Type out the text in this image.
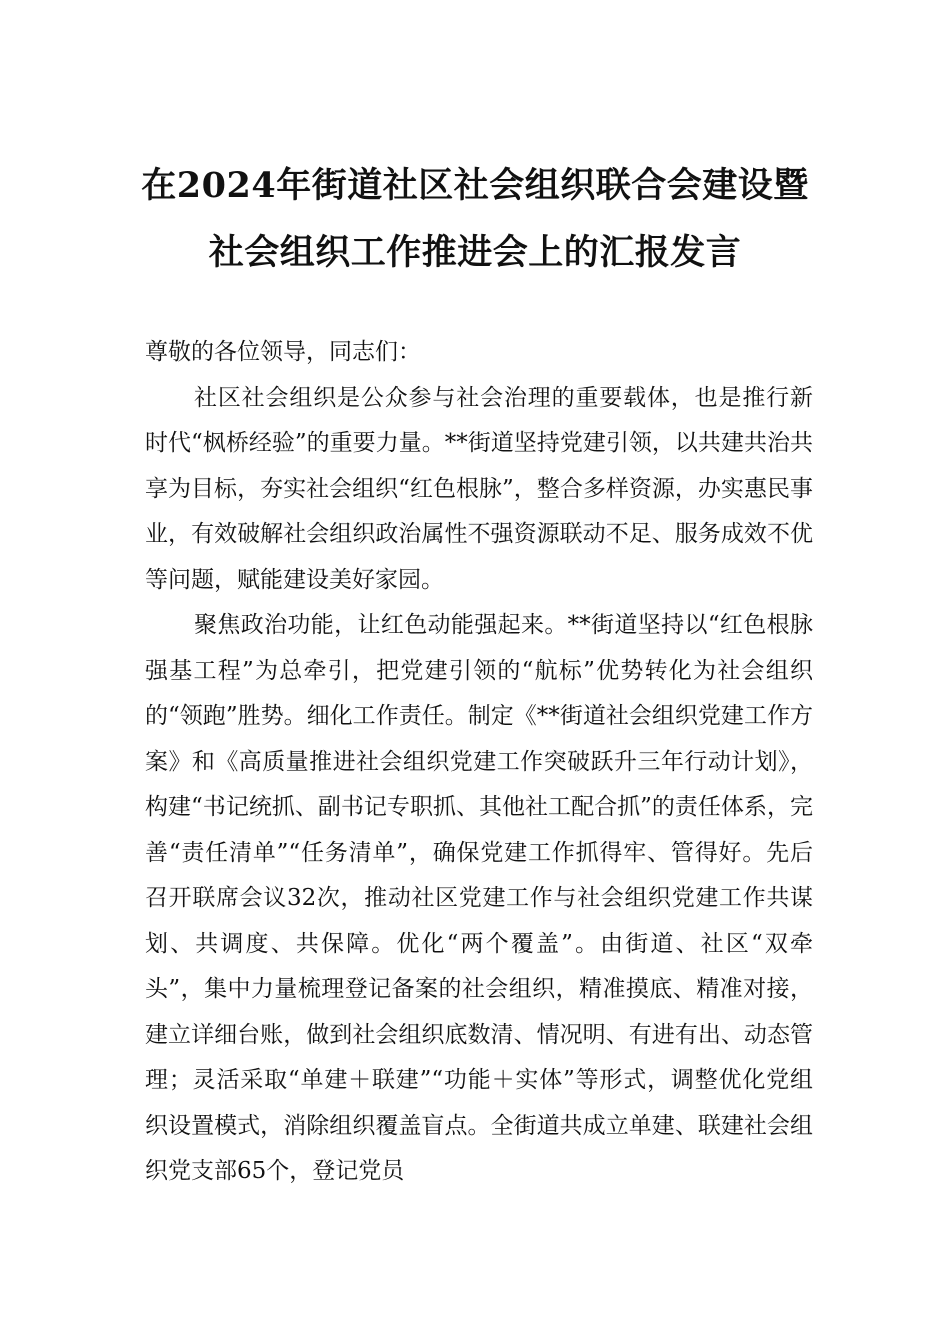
在2024年街道社区社会组织联合会建设暨
社会组织工作推进会上的汇报发言

尊敬的各位领导，同志们：

社区社会组织是公众参与社会治理的重要载体，也是推行新时代“枫桥经验”的重要力量。**街道坚持党建引领，以共建共治共享为目标，夯实社会组织“红色根脉”，整合多样资源，办实惠民事业，有效破解社会组织政治属性不强资源联动不足、服务成效不优等问题，赋能建设美好家园。

聚焦政治功能，让红色动能强起来。**街道坚持以“红色根脉强基工程”为总牵引，把党建引领的“航标”优势转化为社会组织的“领跑”胜势。细化工作责任。制定《**街道社会组织党建工作方案》和《高质量推进社会组织党建工作突破跃升三年行动计划》，构建“书记统抓、副书记专职抓、其他社工配合抓”的责任体系，完善“责任清单”“任务清单”，确保党建工作抓得牢、管得好。先后召开联席会议32次，推动社区党建工作与社会组织党建工作共谋划、共调度、共保障。优化“两个覆盖”。由街道、社区“双牵头”，集中力量梳理登记备案的社会组织，精准摸底、精准对接，建立详细台账，做到社会组织底数清、情况明、有进有出、动态管理；灵活采取“单建＋联建”“功能＋实体”等形式，调整优化党组织设置模式，消除组织覆盖盲点。全街道共成立单建、联建社会组织党支部65个，登记党员
